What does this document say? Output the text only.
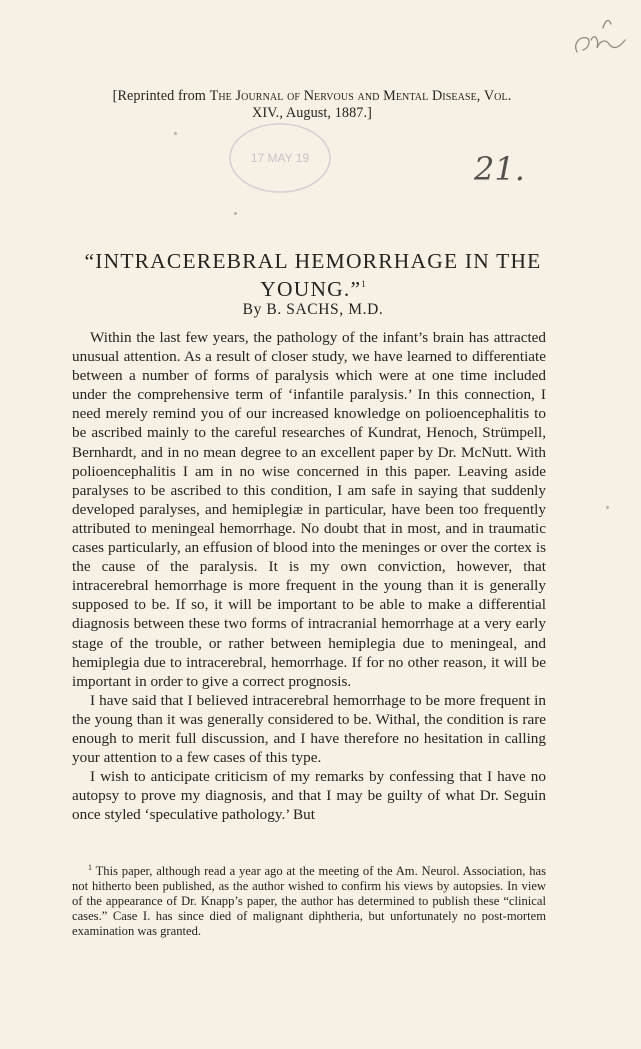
[Reprinted from The Journal of Nervous and Mental Disease, Vol.
XIV., August, 1887.]
17 MAY 19	21.
“INTRACEREBRAL HEMORRHAGE IN THE
YOUNG.”$^1$
By B. SACHS, M.D.

Within the last few years, the pathology of the infant’s brain has attracted unusual attention. As a result of closer study, we have learned to differentiate between a number of forms of paralysis which were at one time included under the comprehensive term of ‘infantile paralysis.’ In this connection, I need merely remind you of our increased knowledge on polioencephalitis to be ascribed mainly to the careful researches of Kundrat, Henoch, Strümpell, Bernhardt, and in no mean degree to an excellent paper by Dr. McNutt. With polioencephalitis I am in no wise concerned in this paper. Leaving aside paralyses to be ascribed to this condition, I am safe in saying that suddenly developed paralyses, and hemiplegiæ in particular, have been too frequently attributed to meningeal hemorrhage. No doubt that in most, and in traumatic cases particularly, an effusion of blood into the meninges or over the cortex is the cause of the paralysis. It is my own conviction, however, that intracerebral hemorrhage is more frequent in the young than it is generally supposed to be. If so, it will be important to be able to make a differential diagnosis between these two forms of intracranial hemorrhage at a very early stage of the trouble, or rather between hemiplegia due to meningeal, and hemiplegia due to intracerebral, hemorrhage. If for no other reason, it will be important in order to give a correct prognosis.

I have said that I believed intracerebral hemorrhage to be more frequent in the young than it was generally considered to be. Withal, the condition is rare enough to merit full discussion, and I have therefore no hesitation in calling your attention to a few cases of this type.

I wish to anticipate criticism of my remarks by confessing that I have no autopsy to prove my diagnosis, and that I may be guilty of what Dr. Seguin once styled ‘speculative pathology.’ But

$^1$ This paper, although read a year ago at the meeting of the Am. Neurol. Association, has not hitherto been published, as the author wished to confirm his views by autopsies. In view of the appearance of Dr. Knapp’s paper, the author has determined to publish these “clinical cases.” Case I. has since died of malignant diphtheria, but unfortunately no post-mortem examination was granted.
